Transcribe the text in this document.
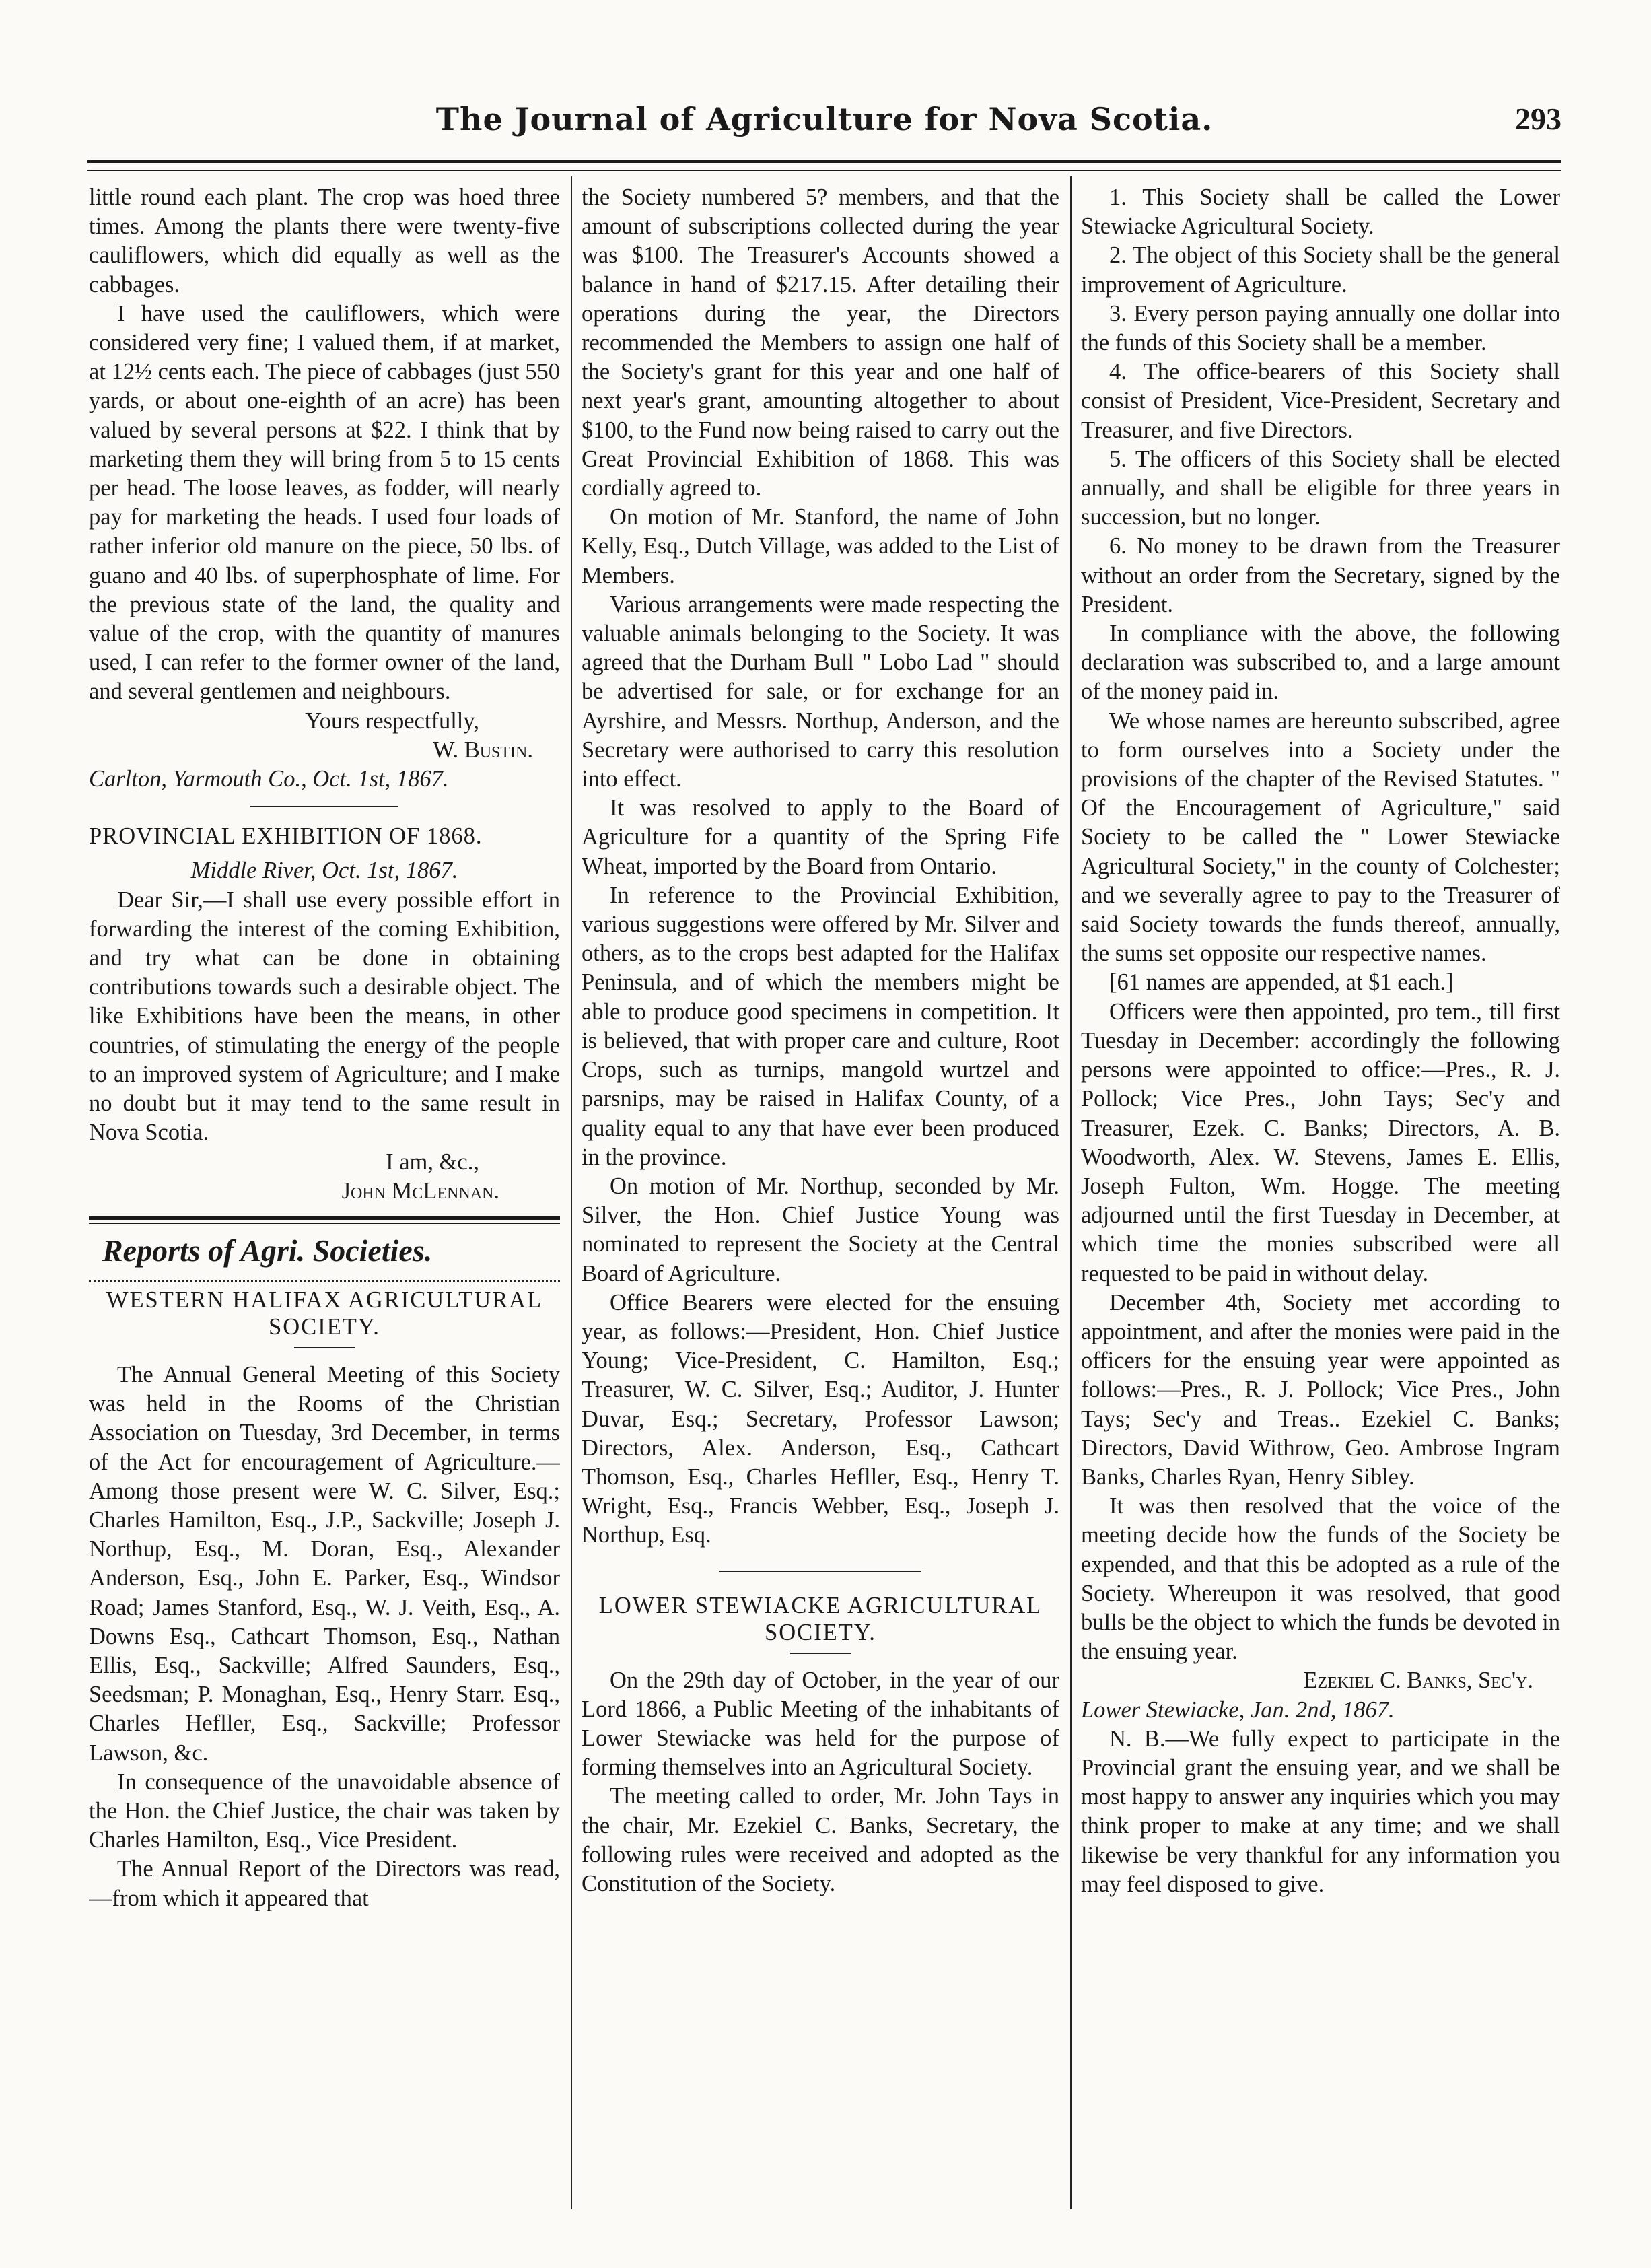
The Journal of Agriculture for Nova Scotia.	293

little round each plant. The crop was hoed three times. Among the plants there were twenty-five cauliflowers, which did equally as well as the cabbages.

I have used the cauliflowers, which were considered very fine; I valued them, if at market, at 12½ cents each. The piece of cabbages (just 550 yards, or about one-eighth of an acre) has been valued by several persons at $22. I think that by marketing them they will bring from 5 to 15 cents per head. The loose leaves, as fodder, will nearly pay for marketing the heads. I used four loads of rather inferior old manure on the piece, 50 lbs. of guano and 40 lbs. of superphosphate of lime. For the previous state of the land, the quality and value of the crop, with the quantity of manures used, I can refer to the former owner of the land, and several gentlemen and neighbours.

Yours respectfully,

W. Bustin.

Carlton, Yarmouth Co., Oct. 1st, 1867.

PROVINCIAL EXHIBITION OF 1868.

Middle River, Oct. 1st, 1867.

Dear Sir,—I shall use every possible effort in forwarding the interest of the coming Exhibition, and try what can be done in obtaining contributions towards such a desirable object. The like Exhibitions have been the means, in other countries, of stimulating the energy of the people to an improved system of Agriculture; and I make no doubt but it may tend to the same result in Nova Scotia.

I am, &c.,

John McLennan.

Reports of Agri. Societies.

WESTERN HALIFAX AGRICULTURAL SOCIETY.

The Annual General Meeting of this Society was held in the Rooms of the Christian Association on Tuesday, 3rd December, in terms of the Act for encouragement of Agriculture.— Among those present were W. C. Silver, Esq.; Charles Hamilton, Esq., J.P., Sackville; Joseph J. Northup, Esq., M. Doran, Esq., Alexander Anderson, Esq., John E. Parker, Esq., Windsor Road; James Stanford, Esq., W. J. Veith, Esq., A. Downs Esq., Cathcart Thomson, Esq., Nathan Ellis, Esq., Sackville; Alfred Saunders, Esq., Seedsman; P. Monaghan, Esq., Henry Starr. Esq., Charles Hefller, Esq., Sackville; Professor Lawson, &c.

In consequence of the unavoidable absence of the Hon. the Chief Justice, the chair was taken by Charles Hamilton, Esq., Vice President.

The Annual Report of the Directors was read,—from which it appeared that

the Society numbered 5? members, and that the amount of subscriptions collected during the year was $100. The Treasurer's Accounts showed a balance in hand of $217.15. After detailing their operations during the year, the Directors recommended the Members to assign one half of the Society's grant for this year and one half of next year's grant, amounting altogether to about $100, to the Fund now being raised to carry out the Great Provincial Exhibition of 1868. This was cordially agreed to.

On motion of Mr. Stanford, the name of John Kelly, Esq., Dutch Village, was added to the List of Members.

Various arrangements were made respecting the valuable animals belonging to the Society. It was agreed that the Durham Bull " Lobo Lad " should be advertised for sale, or for exchange for an Ayrshire, and Messrs. Northup, Anderson, and the Secretary were authorised to carry this resolution into effect.

It was resolved to apply to the Board of Agriculture for a quantity of the Spring Fife Wheat, imported by the Board from Ontario.

In reference to the Provincial Exhibition, various suggestions were offered by Mr. Silver and others, as to the crops best adapted for the Halifax Peninsula, and of which the members might be able to produce good specimens in competition. It is believed, that with proper care and culture, Root Crops, such as turnips, mangold wurtzel and parsnips, may be raised in Halifax County, of a quality equal to any that have ever been produced in the province.

On motion of Mr. Northup, seconded by Mr. Silver, the Hon. Chief Justice Young was nominated to represent the Society at the Central Board of Agriculture.

Office Bearers were elected for the ensuing year, as follows:—President, Hon. Chief Justice Young; Vice-President, C. Hamilton, Esq.; Treasurer, W. C. Silver, Esq.; Auditor, J. Hunter Duvar, Esq.; Secretary, Professor Lawson; Directors, Alex. Anderson, Esq., Cathcart Thomson, Esq., Charles Hefller, Esq., Henry T. Wright, Esq., Francis Webber, Esq., Joseph J. Northup, Esq.

LOWER STEWIACKE AGRICULTURAL SOCIETY.

On the 29th day of October, in the year of our Lord 1866, a Public Meeting of the inhabitants of Lower Stewiacke was held for the purpose of forming themselves into an Agricultural Society.

The meeting called to order, Mr. John Tays in the chair, Mr. Ezekiel C. Banks, Secretary, the following rules were received and adopted as the Constitution of the Society.

1. This Society shall be called the Lower Stewiacke Agricultural Society.

2. The object of this Society shall be the general improvement of Agriculture.

3. Every person paying annually one dollar into the funds of this Society shall be a member.

4. The office-bearers of this Society shall consist of President, Vice-President, Secretary and Treasurer, and five Directors.

5. The officers of this Society shall be elected annually, and shall be eligible for three years in succession, but no longer.

6. No money to be drawn from the Treasurer without an order from the Secretary, signed by the President.

In compliance with the above, the following declaration was subscribed to, and a large amount of the money paid in.

We whose names are hereunto subscribed, agree to form ourselves into a Society under the provisions of the chapter of the Revised Statutes. " Of the Encouragement of Agriculture," said Society to be called the " Lower Stewiacke Agricultural Society," in the county of Colchester; and we severally agree to pay to the Treasurer of said Society towards the funds thereof, annually, the sums set opposite our respective names.

[61 names are appended, at $1 each.]

Officers were then appointed, pro tem., till first Tuesday in December: accordingly the following persons were appointed to office:—Pres., R. J. Pollock; Vice Pres., John Tays; Sec'y and Treasurer, Ezek. C. Banks; Directors, A. B. Woodworth, Alex. W. Stevens, James E. Ellis, Joseph Fulton, Wm. Hogge. The meeting adjourned until the first Tuesday in December, at which time the monies subscribed were all requested to be paid in without delay.

December 4th, Society met according to appointment, and after the monies were paid in the officers for the ensuing year were appointed as follows:—Pres., R. J. Pollock; Vice Pres., John Tays; Sec'y and Treas.. Ezekiel C. Banks; Directors, David Withrow, Geo. Ambrose Ingram Banks, Charles Ryan, Henry Sibley.

It was then resolved that the voice of the meeting decide how the funds of the Society be expended, and that this be adopted as a rule of the Society. Whereupon it was resolved, that good bulls be the object to which the funds be devoted in the ensuing year.

Ezekiel C. Banks, Sec'y.

Lower Stewiacke, Jan. 2nd, 1867.

N. B.—We fully expect to participate in the Provincial grant the ensuing year, and we shall be most happy to answer any inquiries which you may think proper to make at any time; and we shall likewise be very thankful for any information you may feel disposed to give.
